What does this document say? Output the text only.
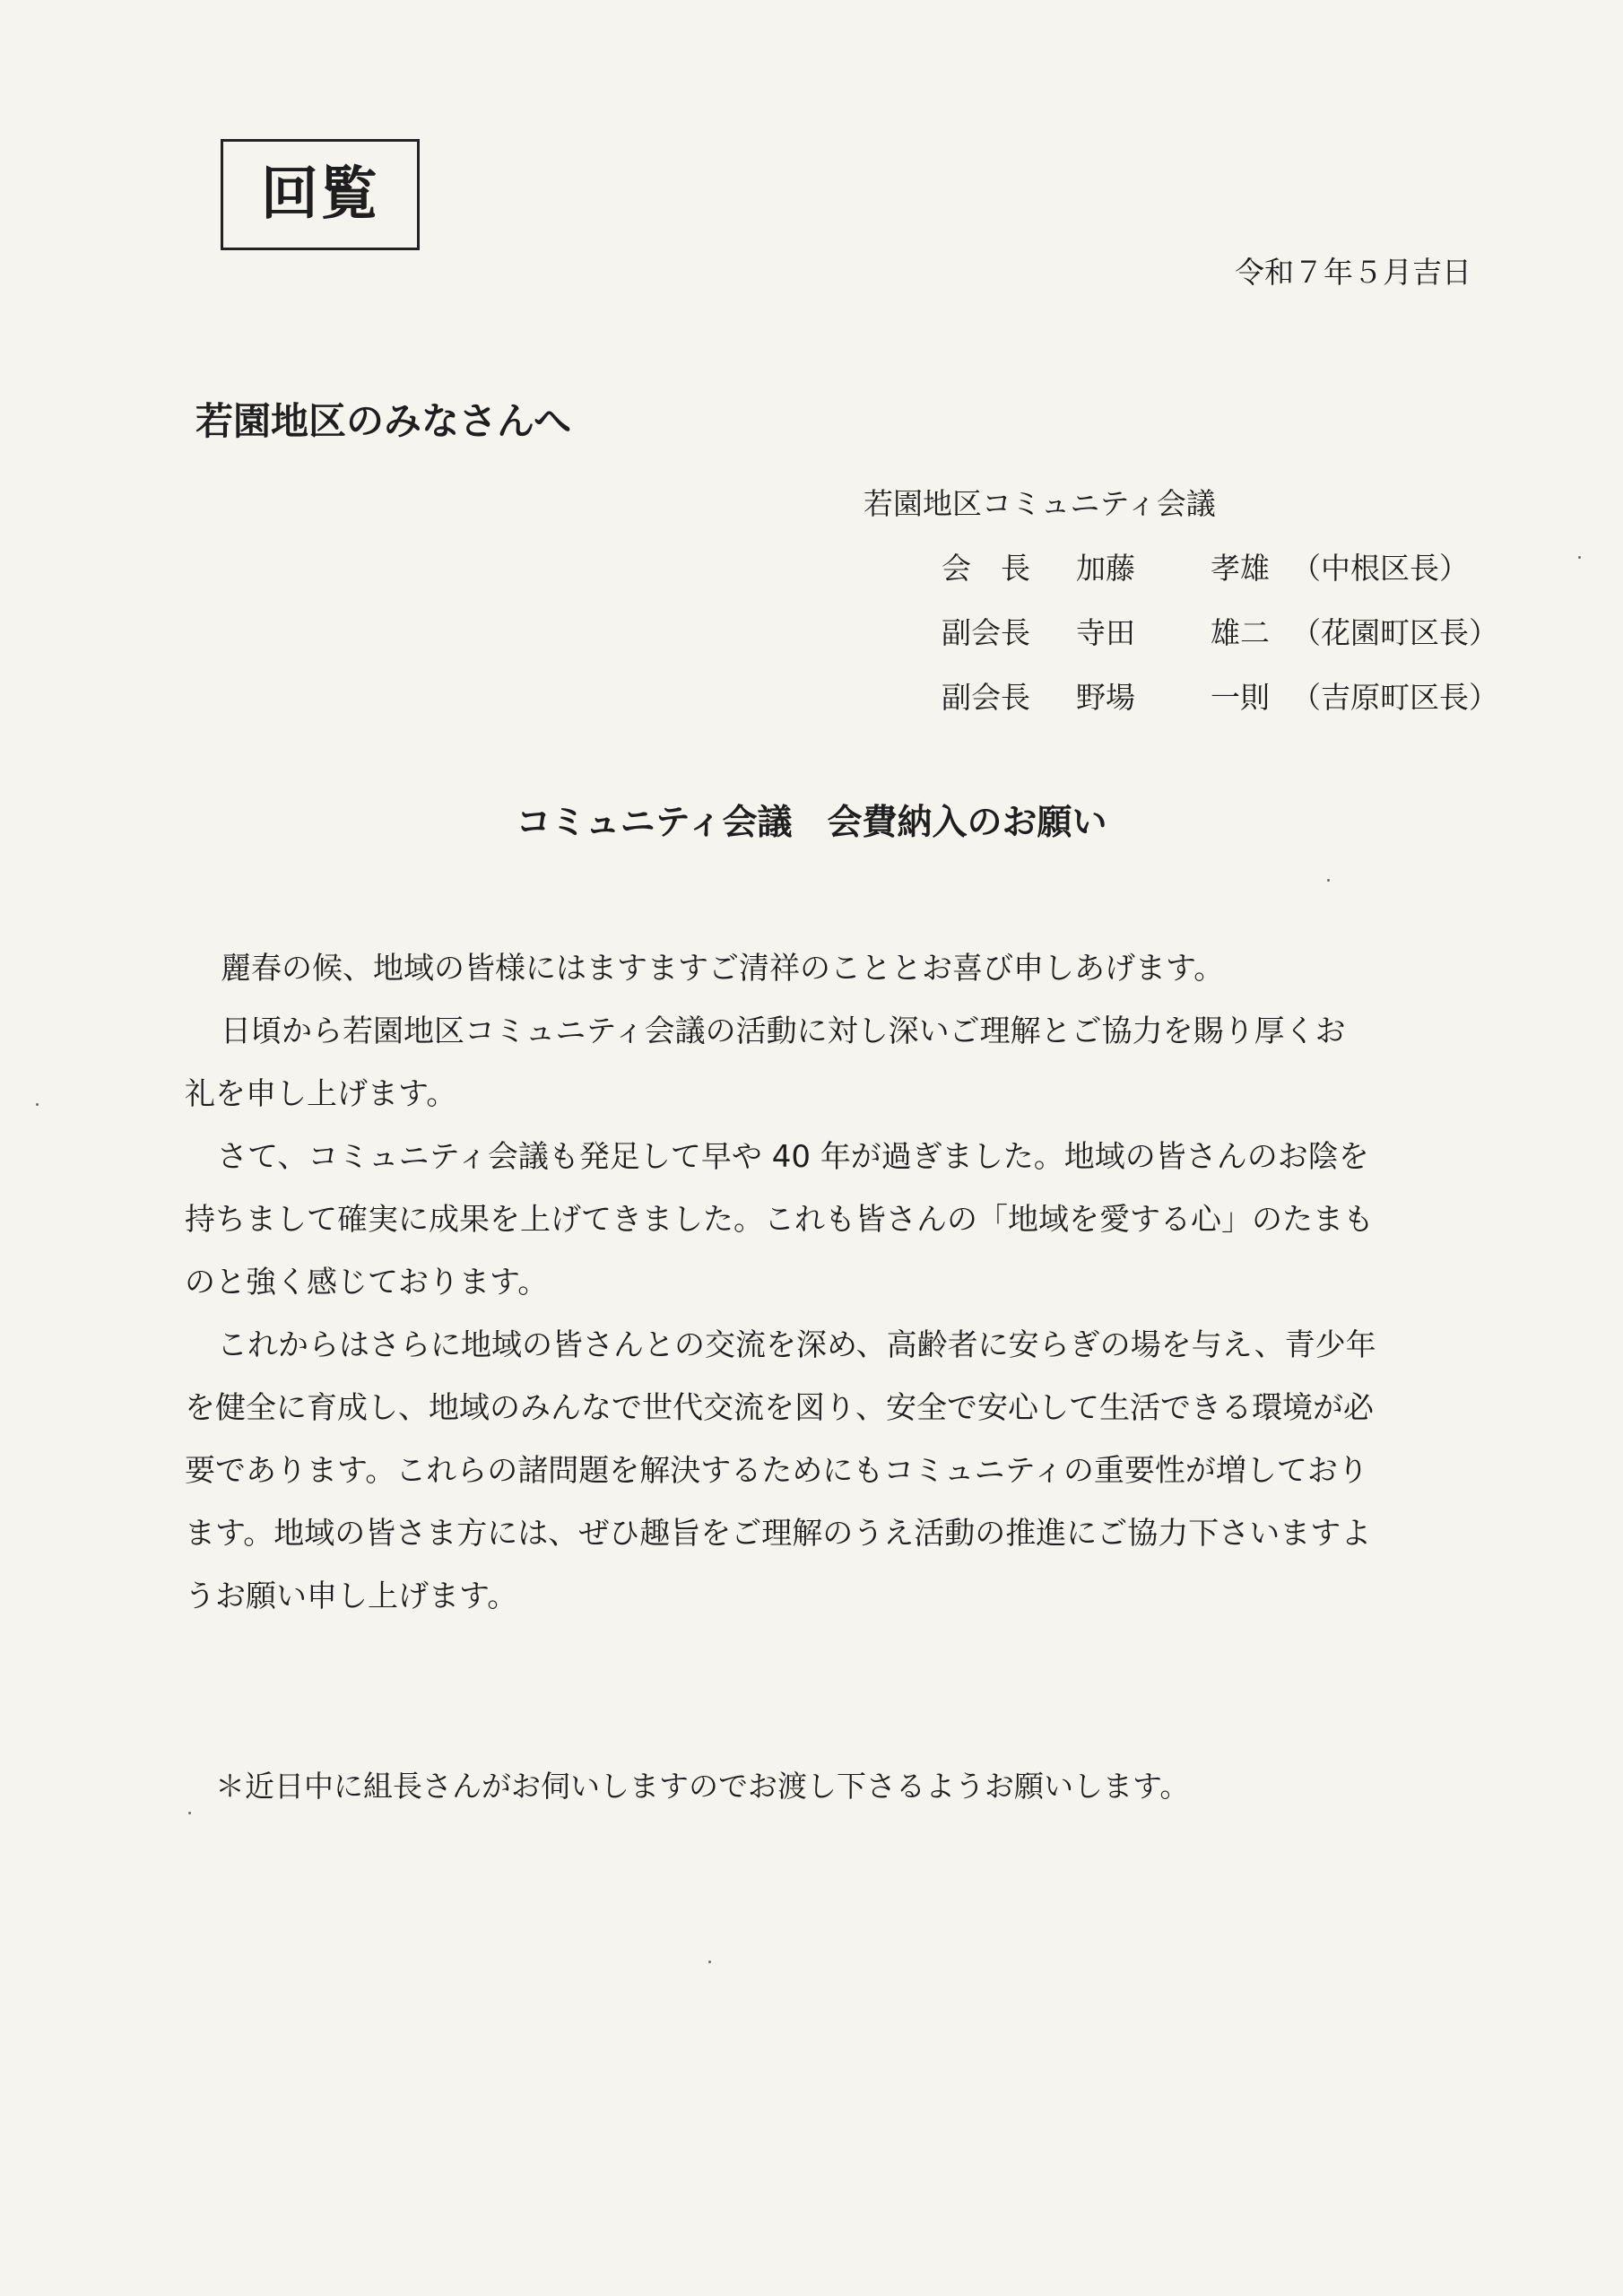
回覧
令和７年５月吉日
若園地区のみなさんへ
若園地区コミュニティ会議
会　長 加藤	孝雄 （中根区長）
副会長 寺田	雄二 （花園町区長）
副会長 野場	一則 （吉原町区長）
コミュニティ会議　会費納入のお願い

麗春の候、地域の皆様にはますますご清祥のこととお喜び申しあげます。

日頃から若園地区コミュニティ会議の活動に対し深いご理解とご協力を賜り厚くお
礼を申し上げます。

さて、コミュニティ会議も発足して早や 40 年が過ぎました。地域の皆さんのお陰を
持ちまして確実に成果を上げてきました。これも皆さんの「地域を愛する心」のたまも
のと強く感じております。

これからはさらに地域の皆さんとの交流を深め、高齢者に安らぎの場を与え、青少年
を健全に育成し、地域のみんなで世代交流を図り、安全で安心して生活できる環境が必
要であります。これらの諸問題を解決するためにもコミュニティの重要性が増しており
ます。地域の皆さま方には、ぜひ趣旨をご理解のうえ活動の推進にご協力下さいますよ
うお願い申し上げます。

＊近日中に組長さんがお伺いしますのでお渡し下さるようお願いします。
